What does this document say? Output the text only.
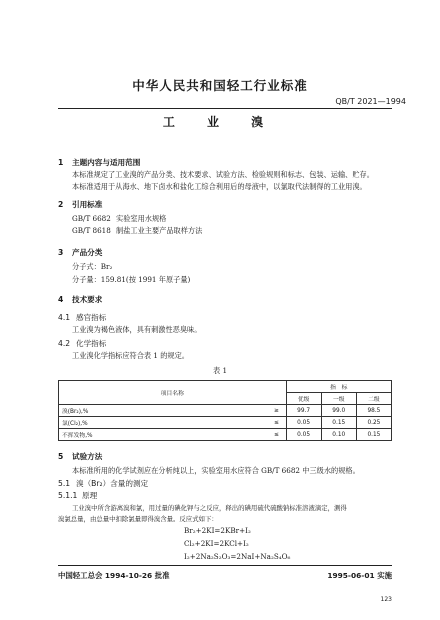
中华人民共和国轻工行业标准
QB/T 2021—1994
工 业 溴
1 主题内容与适用范围
本标准规定了工业溴的产品分类、技术要求、试验方法、检验规则和标志、包装、运输、贮存。
本标准适用于从海水、地下卤水和盐化工综合利用后的母液中，以氯取代法制得的工业用溴。
2 引用标准
GB/T 6682 实验室用水规格
GB/T 8618 制盐工业主要产品取样方法
3 产品分类
分子式：Br₂
分子量：159.81(按 1991 年原子量)
4 技术要求
4.1 感官指标
工业溴为褐色液体，具有刺激性恶臭味。
4.2 化学指标
工业溴化学指标应符合表 1 的规定。
表 1
项目名称		指　标		
		优级	一级	二级
溴(Br₂),%	≥	99.7	99.0	98.5
氯(Cl₂),%	≤	0.05	0.15	0.25
不挥发物,%	≤	0.05	0.10	0.15
5 试验方法
本标准所用的化学试剂应在分析纯以上，实验室用水应符合 GB/T 6682 中三级水的规格。
5.1 溴（Br₂）含量的测定
5.1.1 原理
工业溴中所含游离溴和氯，用过量的碘化钾与之反应，释出的碘用硫代硫酸钠标准溶液滴定，测得
溴氯总量，由总量中扣除氯量即得溴含量。反应式如下：
Br₂+2KI=2KBr+I₂
Cl₂+2KI=2KCl+I₂
I₂+2Na₂S₂O₃=2NaI+Na₂S₄O₆
中国轻工总会 1994-10-26 批准	1995-06-01 实施
123
